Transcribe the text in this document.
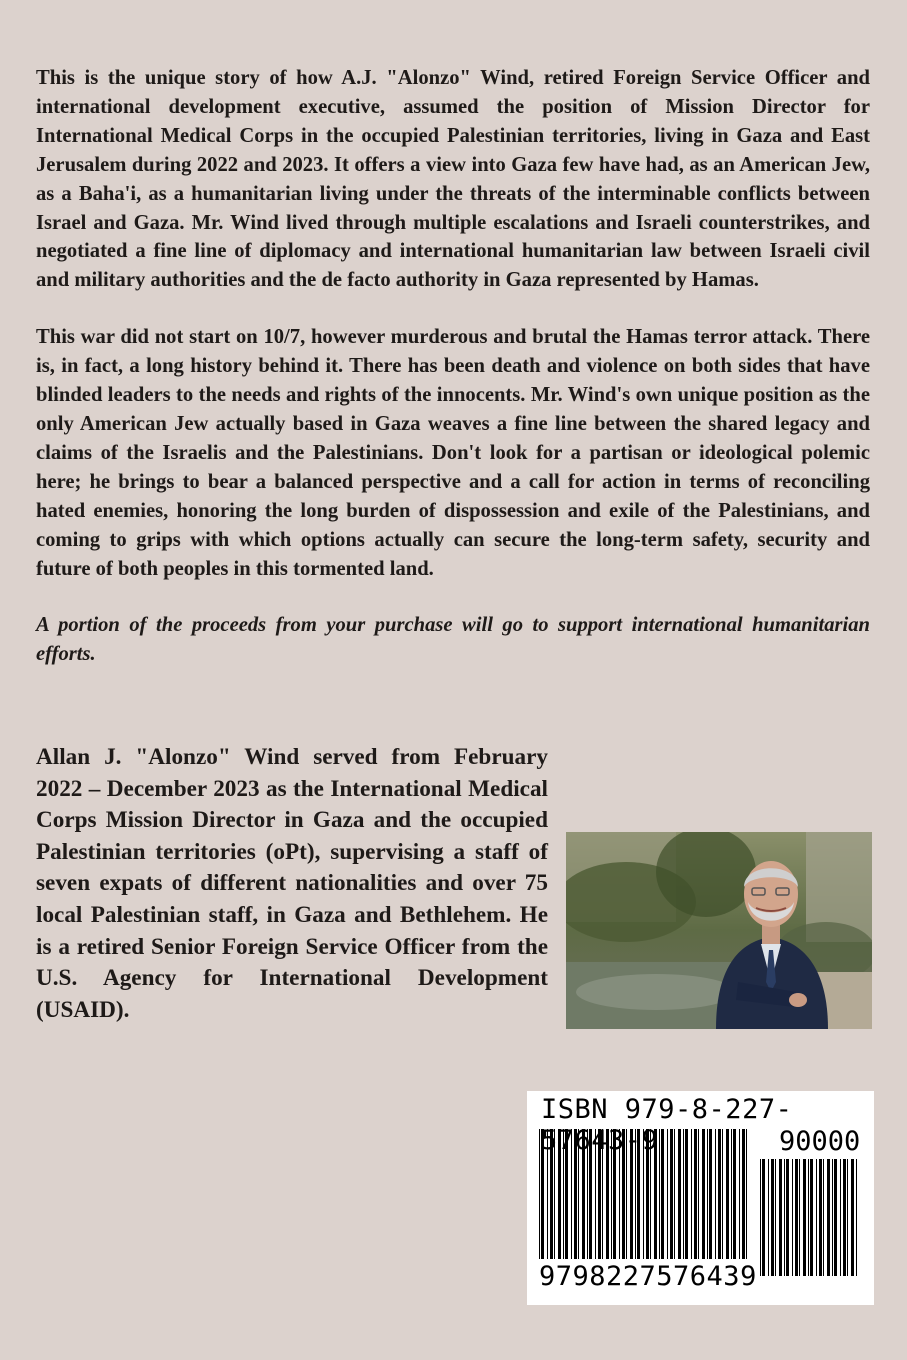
This is the unique story of how A.J. "Alonzo" Wind, retired Foreign Service Officer and international development executive, assumed the position of Mission Director for International Medical Corps in the occupied Palestinian territories, living in Gaza and East Jerusalem during 2022 and 2023. It offers a view into Gaza few have had, as an American Jew, as a Baha'i, as a humanitarian living under the threats of the interminable conflicts between Israel and Gaza. Mr. Wind lived through multiple escalations and Israeli counterstrikes, and negotiated a fine line of diplomacy and international humanitarian law between Israeli civil and military authorities and the de facto authority in Gaza represented by Hamas.

This war did not start on 10/7, however murderous and brutal the Hamas terror attack. There is, in fact, a long history behind it. There has been death and violence on both sides that have blinded leaders to the needs and rights of the innocents. Mr. Wind's own unique position as the only American Jew actually based in Gaza weaves a fine line between the shared legacy and claims of the Israelis and the Palestinians. Don't look for a partisan or ideological polemic here; he brings to bear a balanced perspective and a call for action in terms of reconciling hated enemies, honoring the long burden of dispossession and exile of the Palestinians, and coming to grips with which options actually can secure the long-term safety, security and future of both peoples in this tormented land.

A portion of the proceeds from your purchase will go to support international humanitarian efforts.

Allan J. "Alonzo" Wind served from February 2022 – December 2023 as the International Medical Corps Mission Director in Gaza and the occupied Palestinian territories (oPt), supervising a staff of seven expats of different nationalities and over 75 local Palestinian staff, in Gaza and Bethlehem. He is a retired Senior Foreign Service Officer from the U.S. Agency for International Development (USAID).

ISBN 979-8-227-57643-9	90000
9798227576439
